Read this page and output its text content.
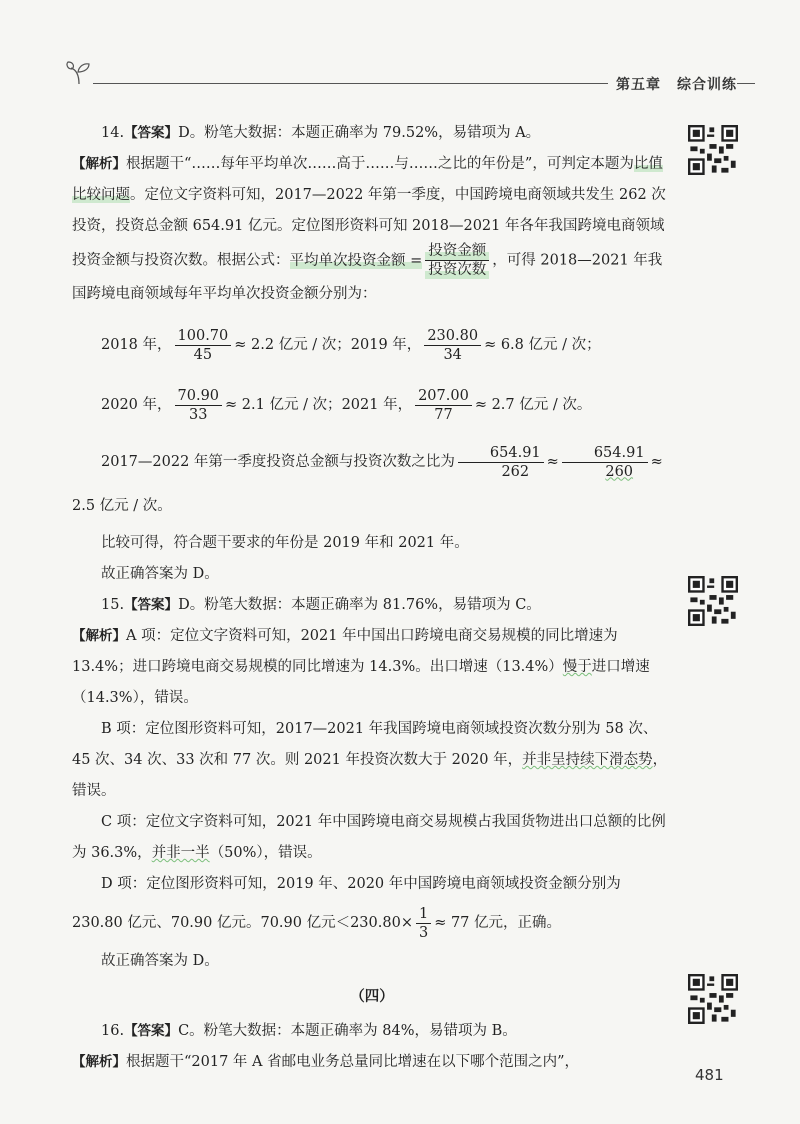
第五章 综合训练

14.【答案】D。粉笔大数据：本题正确率为 79.52%，易错项为 A。

【解析】根据题干“……每年平均单次……高于……与……之比的年份是”，可判定本题为比值比较问题。定位文字资料可知，2017—2022 年第一季度，中国跨境电商领域共发生 262 次投资，投资总金额 654.91 亿元。定位图形资料可知 2018—2021 年各年我国跨境电商领域投资金额与投资次数。根据公式：平均单次投资金额 = $\frac{\text{投资金额}}{\text{投资次数}}$ ，可得 2018—2021 年我国跨境电商领域每年平均单次投资金额分别为：

2018 年， $\frac{100.70}{45} \approx 2.2$ 亿元 / 次；2019 年， $\frac{230.80}{34} \approx 6.8$ 亿元 / 次；

2020 年， $\frac{70.90}{33} \approx 2.1$ 亿元 / 次；2021 年， $\frac{207.00}{77} \approx 2.7$ 亿元 / 次。

2017—2022 年第一季度投资总金额与投资次数之比为 $\frac{654.91}{262} \approx \frac{654.91}{260} \approx 2.5$ 亿元 / 次。

比较可得，符合题干要求的年份是 2019 年和 2021 年。

故正确答案为 D。

15.【答案】D。粉笔大数据：本题正确率为 81.76%，易错项为 C。

【解析】A 项：定位文字资料可知，2021 年中国出口跨境电商交易规模的同比增速为 13.4%；进口跨境电商交易规模的同比增速为 14.3%。出口增速（13.4%）慢于进口增速（14.3%），错误。

B 项：定位图形资料可知，2017—2021 年我国跨境电商领域投资次数分别为 58 次、45 次、34 次、33 次和 77 次。则 2021 年投资次数大于 2020 年，并非呈持续下滑态势，错误。

C 项：定位文字资料可知，2021 年中国跨境电商交易规模占我国货物进出口总额的比例为 36.3%，并非一半（50%），错误。

D 项：定位图形资料可知，2019 年、2020 年中国跨境电商领域投资金额分别为

230.80 亿元、70.90 亿元。70.90 亿元$<230.80\times \frac{1}{3} \approx 77$ 亿元，正确。

故正确答案为 D。

（四）

16.【答案】C。粉笔大数据：本题正确率为 84%，易错项为 B。

【解析】根据题干“2017 年 A 省邮电业务总量同比增速在以下哪个范围之内”，

481
